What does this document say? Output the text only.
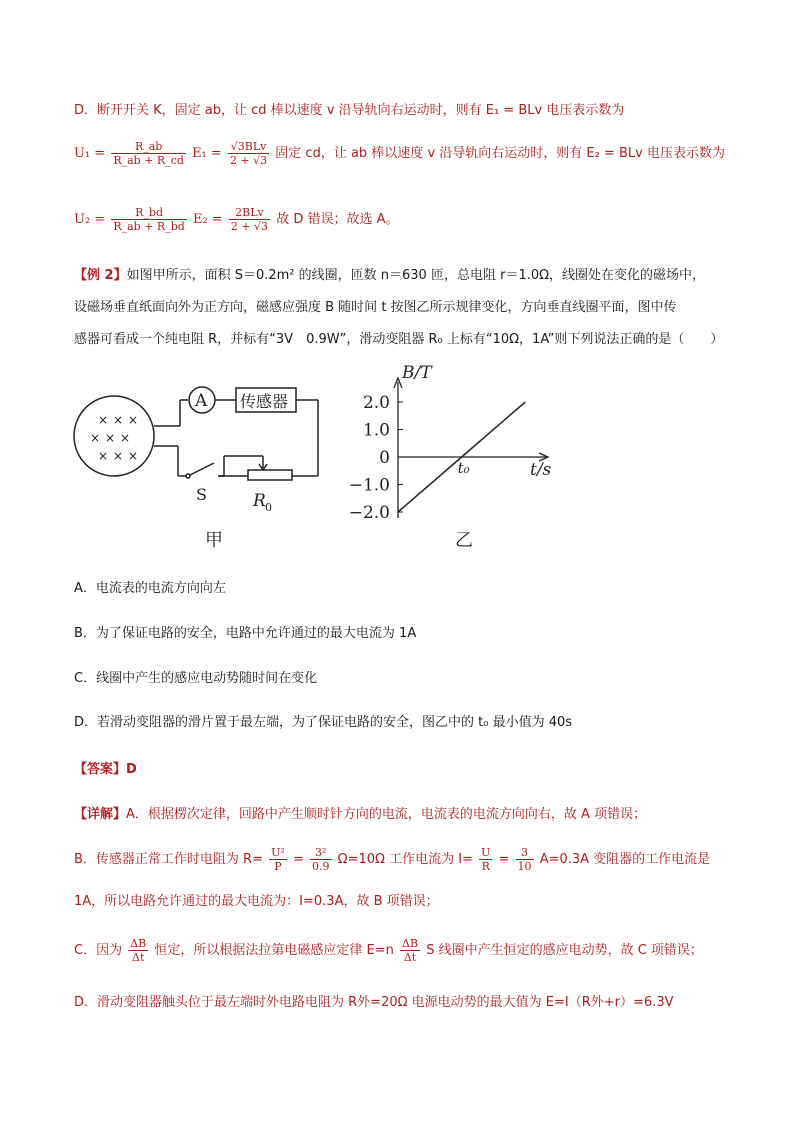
D．断开开关 K，固定 ab，让 cd 棒以速度 v 沿导轨向右运动时，则有 E₁ = BLv 电压表示数为
$U_1 = \frac{R\_ab}{R\_ab + R\_cd} E_1 = \frac{\text{√3BLv}}{2 + √3}$ 固定 cd，让 ab 棒以速度 v 沿导轨向右运动时，则有 E₂ = BLv 电压表示数为
$U_2 = \frac{R\_bd}{R\_ab + R\_bd} E_2 = \frac{\text{2BLv}}{2 + √3}$ 故 D 错误；故选 A。
【例 2】如图甲所示，面积 S＝0.2m² 的线圈，匝数 n＝630 匝，总电阻 r＝1.0Ω，线圈处在变化的磁场中，
设磁场垂直纸面向外为正方向，磁感应强度 B 随时间 t 按图乙所示规律变化，方向垂直线圈平面，图中传
感器可看成一个纯电阻 R，并标有“3V　0.9W”，滑动变阻器 R₀ 上标有“10Ω，1A”则下列说法正确的是（　　）
× × ×
× × ×
× × ×
A 传感器
S	R 0
甲
2.0
1.0
0
−1.0
−2.0
B/T
t/s
t₀
乙
A．电流表的电流方向向左
B．为了保证电路的安全，电路中允许通过的最大电流为 1A
C．线圈中产生的感应电动势随时间在变化
D．若滑动变阻器的滑片置于最左端，为了保证电路的安全，图乙中的 t₀ 最小值为 40s
【答案】D
【详解】A．根据楞次定律，回路中产生顺时针方向的电流，电流表的电流方向向右，故 A 项错误；
B．传感器正常工作时电阻为 $R= \frac{\text{U²}}{P} = \frac{\text{3²}}{0.9} \Omega=10\Omega$ 工作电流为 $I= \frac{U}{R} = \frac{3}{10} A=0.3A$ 变阻器的工作电流是
1A，所以电路允许通过的最大电流为：I=0.3A，故 B 项错误；
C．因为 $\frac{\Delta B}{\Delta t}$ 恒定，所以根据法拉第电磁感应定律 $E=n \frac{\Delta B}{\Delta t}$ S 线圈中产生恒定的感应电动势，故 C 项错误；
D．滑动变阻器触头位于最左端时外电路电阻为 R外=20Ω 电源电动势的最大值为 E=I（R外+r）=6.3V
